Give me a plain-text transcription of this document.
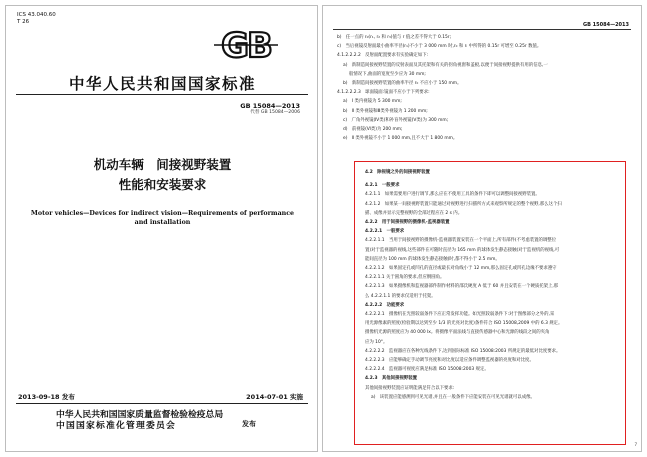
ICS 43.040.60
T 26
GB
中华人民共和国国家标准
GB 15084—2013
代替 GB 15084—2006
机动车辆　间接视野装置
性能和安装要求
Motor vehicles—Devices for indirect vision—Requirements of performance and installation
2013-09-18 发布	2014-07-01 实施
中华人民共和国国家质量监督检验检疫总局
中国国家标准化管理委员会	发布
GB 15084—2013
b)　任一点的 r₀(r₁, r₂ 和 r₃)值与 r 值之差不得大于 0.15r;
c)　当后视镜反射面最小曲率半径(r₁)不小于 3 000 mm 时,r₀ 和 rᵢ 中所得的 0.15r 可增至 0.25r 数值。
4.1.2.2.2.2　反射面配置要求有实验确定如下:
a)　新制造间接视野装置的反射表面及其托架和有关的拐角视窗和盖板,以便于间接视野提供有用的信息,一
般情况下,曲面的宽度至少应为 30 mm;
b)　新制造间接视野装置的曲率半径 r₀ 不应小于 150 mm。
4.1.2.2.2.3　球面镜面:镜面不应小于下列要求:
a)　I 类内视镜为 5 300 mm;
b)　Ⅱ 类外视镜和Ⅲ类外视镜为 1 200 mm;
c)　广角外视镜(Ⅳ类)和补盲外视镜(Ⅴ类)为 300 mm;
d)　前视镜(Ⅵ类)为 200 mm;
e)　Ⅱ 类外视镜不小于 1 000 mm,且不大于 1 800 mm。
4.2　除视镜之外的间接视野装置
4.2.1　一般要求
4.2.1.1　如果需要用户进行调节,那么应在不使用工具的条件下即可以调整间接视野装置。
4.2.1.2　如果某一间接视野装置只能通过对视野进行扫描所方式来观察所规定的整个视野,那么这个扫
描、成像并显示完整视野的全部过程应在 2 s 内。
4.2.2　用于间接视野的摄像机-监视器装置
4.2.2.1　一般要求
4.2.2.1.1　当用于间接视野的摄像机-监视器装置安装在一个平面上,所有部件(不考虑装置的调整位
置)对于监视器的视线,这些部件在可随时直径为 165 mm 的球体发生静态接触(对于监视机的视线,可
能间直径为 100 mm 的球体发生静态接触)时,都不得小于 2.5 mm。
4.2.2.1.2　如果固定孔或凹孔的直径或最长对角线小于 12 mm,那么固定孔或凹孔边缘不要求遵守
4.2.2.1.1 关于圆角的要求,但应倒圆角。
4.2.2.1.3　如果摄像机和监视器部件制作材料的邵氏硬度 A 低于 60 并且安装在一个硬质托架上,那
么 4.2.2.1.1 的要求仅适用于托架。
4.2.2.2　功能要求
4.2.2.2.1　摄像机在光照较弱条件下应正常发挥功能。如光照较弱条件下:对于图像部分之外的,采
用光源像素的照度(检验期以达到至少 1/3 的光亮对比度)条件符合 ISO 15008,2009 中的 6.3 规定。
摄像机光源的照度应为 40 000 lx。将摄像平面法线与直接传感器中心和光源的线段之间的夹角
应为 10°。
4.2.2.2.2　监视器应在各种光线条件下,达到国际标准 ISO 15008:2003 所规定的最低对比度要求。
4.2.2.2.3　应能够确定手动调节亮度和对比度以适应条件调整监视器的亮度和对比度。
4.2.2.2.4　监视器可视度应满足标准 ISO 15008:2003 规定。
4.2.3　其他间接视野装置
其他间接视野装置应证明能满足符合以下要求:
a)　该装置应能感测到可见光谱,并且在一般条件下应能安装在可见光谱就可以成像。
7
